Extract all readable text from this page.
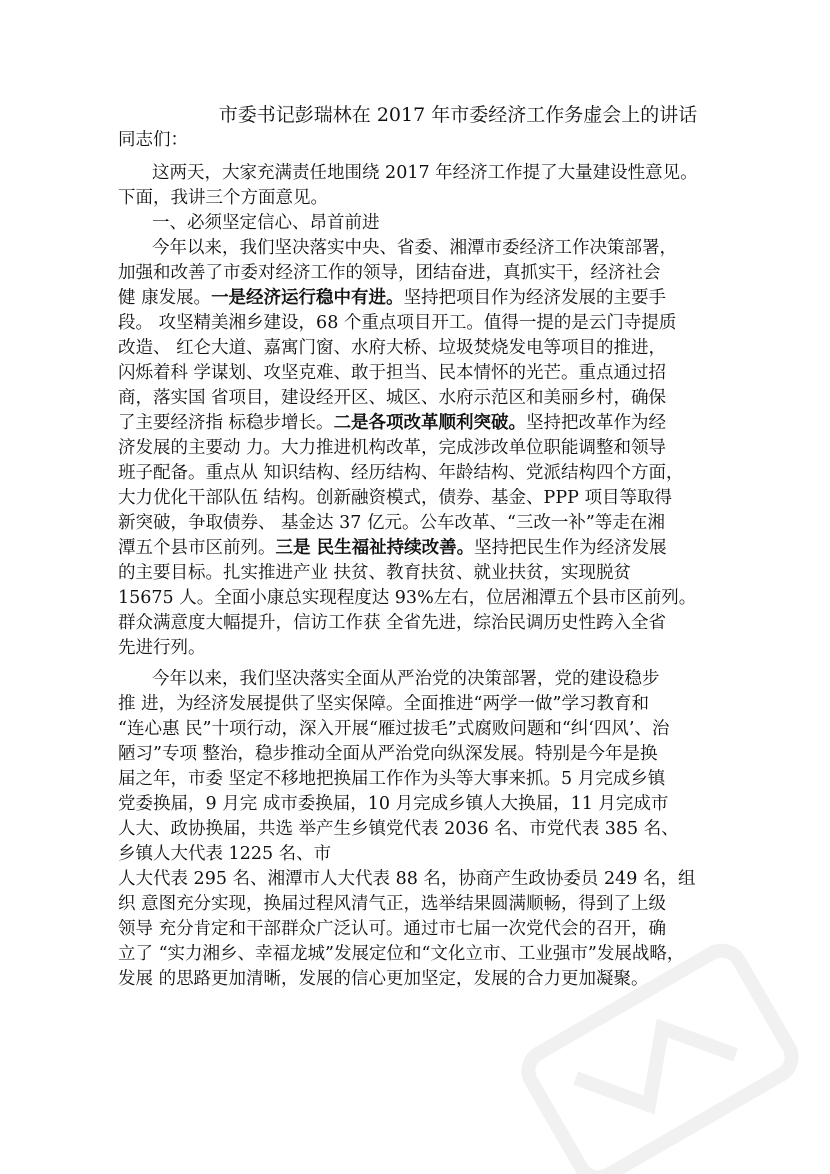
市委书记彭瑞林在 2017 年市委经济工作务虚会上的讲话
同志们：
这两天，大家充满责任地围绕 2017 年经济工作提了大量建设性意见。
下面，我讲三个方面意见。
一、必须坚定信心、昂首前进
今年以来，我们坚决落实中央、省委、湘潭市委经济工作决策部署，
加强和改善了市委对经济工作的领导，团结奋进，真抓实干，经济社会
健 康发展。一是经济运行稳中有进。坚持把项目作为经济发展的主要手
段。 攻坚精美湘乡建设，68 个重点项目开工。值得一提的是云门寺提质
改造、 红仑大道、嘉寓门窗、水府大桥、垃圾焚烧发电等项目的推进，
闪烁着科 学谋划、攻坚克难、敢于担当、民本情怀的光芒。重点通过招
商，落实国 省项目，建设经开区、城区、水府示范区和美丽乡村，确保
了主要经济指 标稳步增长。二是各项改革顺利突破。坚持把改革作为经
济发展的主要动 力。大力推进机构改革，完成涉改单位职能调整和领导
班子配备。重点从 知识结构、经历结构、年龄结构、党派结构四个方面，
大力优化干部队伍 结构。创新融资模式，债券、基金、PPP 项目等取得
新突破，争取债券、 基金达 37 亿元。公车改革、“三改一补”等走在湘
潭五个县市区前列。三是 民生福祉持续改善。坚持把民生作为经济发展
的主要目标。扎实推进产业 扶贫、教育扶贫、就业扶贫，实现脱贫
15675 人。全面小康总实现程度达 93%左右，位居湘潭五个县市区前列。
群众满意度大幅提升，信访工作获 全省先进，综治民调历史性跨入全省
先进行列。
今年以来，我们坚决落实全面从严治党的决策部署，党的建设稳步
推 进，为经济发展提供了坚实保障。全面推进“两学一做”学习教育和
“连心惠 民”十项行动，深入开展“雁过拔毛”式腐败问题和“纠‘四风’、治
陋习”专项 整治，稳步推动全面从严治党向纵深发展。特别是今年是换
届之年，市委 坚定不移地把换届工作作为头等大事来抓。5 月完成乡镇
党委换届，9 月完 成市委换届，10 月完成乡镇人大换届，11 月完成市
人大、政协换届，共选 举产生乡镇党代表 2036 名、市党代表 385 名、
乡镇人大代表 1225 名、市
人大代表 295 名、湘潭市人大代表 88 名，协商产生政协委员 249 名，组
织 意图充分实现，换届过程风清气正，选举结果圆满顺畅，得到了上级
领导 充分肯定和干部群众广泛认可。通过市七届一次党代会的召开，确
立了 “实力湘乡、幸福龙城”发展定位和“文化立市、工业强市”发展战略，
发展 的思路更加清晰，发展的信心更加坚定，发展的合力更加凝聚。
